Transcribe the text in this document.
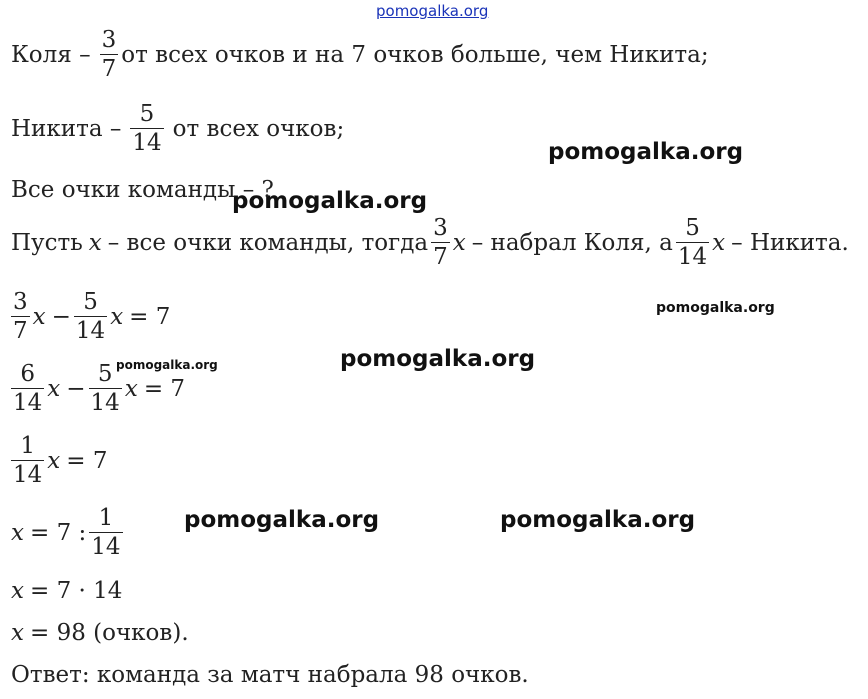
pomogalka.org
pomogalka.org
pomogalka.org
pomogalka.org
pomogalka.org
pomogalka.org
pomogalka.org	pomogalka.org
Коля – $\frac{3}{7}$ от всех очков и на 7 очков больше, чем Никита;
Никита – $\frac{5}{14}$ от всех очков;
Все очки команды – ?
Пусть x – все очки команды, тогда $\frac{3}{7}$ x – набрал Коля, а $\frac{5}{14}$ x – Никита.
$\frac{3}{7}$ $x - \frac{5}{14}$ x = 7
$\frac{6}{14}$ $x - \frac{5}{14}$ x = 7
$\frac{1}{14}$ x = 7
x = 7 : $\frac{1}{14}$
x = 7 · 14
x = 98 (очков).
Ответ: команда за матч набрала 98 очков.
